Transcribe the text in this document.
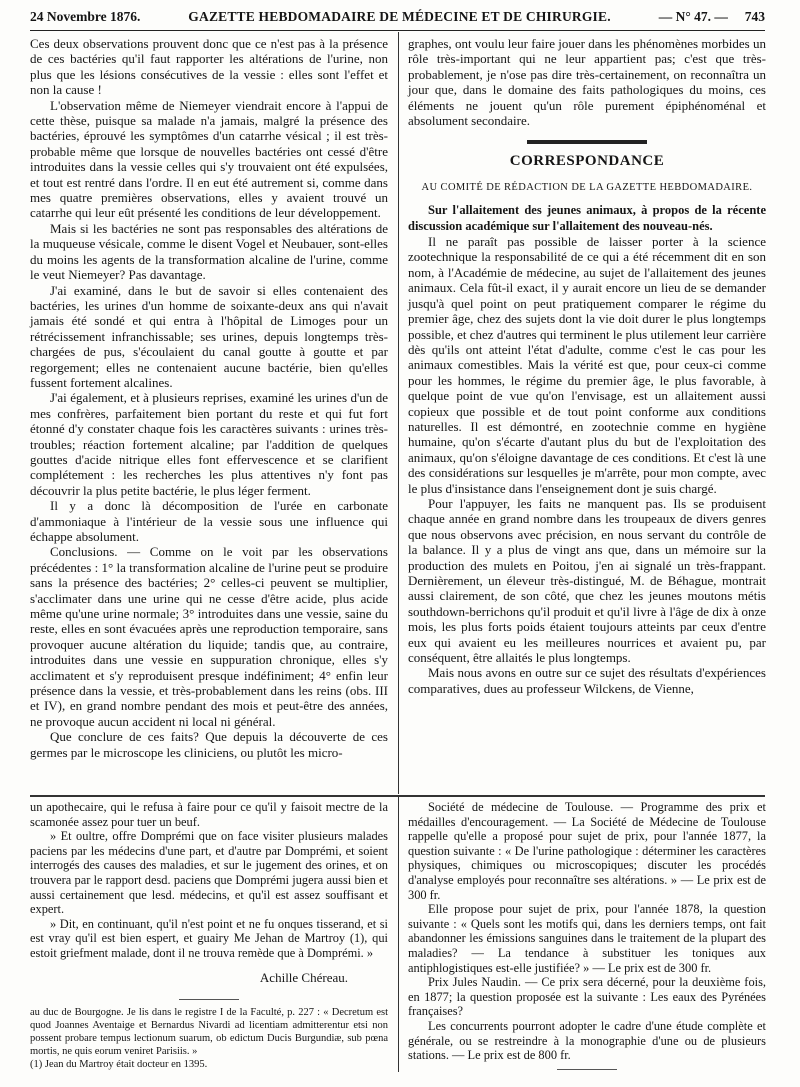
24 Novembre 1876.	GAZETTE HEBDOMADAIRE DE MÉDECINE ET DE CHIRURGIE.	— N° 47. — 743

Ces deux observations prouvent donc que ce n'est pas à la présence de ces bactéries qu'il faut rapporter les altérations de l'urine, non plus que les lésions consécutives de la vessie : elles sont l'effet et non la cause !

L'observation même de Niemeyer viendrait encore à l'appui de cette thèse, puisque sa malade n'a jamais, malgré la présence des bactéries, éprouvé les symptômes d'un catarrhe vésical ; il est très-probable même que lorsque de nouvelles bactéries ont cessé d'être introduites dans la vessie celles qui s'y trouvaient ont été expulsées, et tout est rentré dans l'ordre. Il en eut été autrement si, comme dans mes quatre premières observations, elles y avaient trouvé un catarrhe qui leur eût présenté les conditions de leur développement.

Mais si les bactéries ne sont pas responsables des altérations de la muqueuse vésicale, comme le disent Vogel et Neubauer, sont-elles du moins les agents de la transformation alcaline de l'urine, comme le veut Niemeyer? Pas davantage.

J'ai examiné, dans le but de savoir si elles contenaient des bactéries, les urines d'un homme de soixante-deux ans qui n'avait jamais été sondé et qui entra à l'hôpital de Limoges pour un rétrécissement infranchissable; ses urines, depuis longtemps très-chargées de pus, s'écoulaient du canal goutte à goutte et par regorgement; elles ne contenaient aucune bactérie, bien qu'elles fussent fortement alcalines.

J'ai également, et à plusieurs reprises, examiné les urines d'un de mes confrères, parfaitement bien portant du reste et qui fut fort étonné d'y constater chaque fois les caractères suivants : urines très-troubles; réaction fortement alcaline; par l'addition de quelques gouttes d'acide nitrique elles font effervescence et se clarifient complétement : les recherches les plus attentives n'y font pas découvrir la plus petite bactérie, le plus léger ferment.

Il y a donc là décomposition de l'urée en carbonate d'ammoniaque à l'intérieur de la vessie sous une influence qui échappe absolument.

Conclusions. — Comme on le voit par les observations précédentes : 1° la transformation alcaline de l'urine peut se produire sans la présence des bactéries; 2° celles-ci peuvent se multiplier, s'acclimater dans une urine qui ne cesse d'être acide, plus acide même qu'une urine normale; 3° introduites dans une vessie, saine du reste, elles en sont évacuées après une reproduction temporaire, sans provoquer aucune altération du liquide; tandis que, au contraire, introduites dans une vessie en suppuration chronique, elles s'y acclimatent et s'y reproduisent presque indéfiniment; 4° enfin leur présence dans la vessie, et très-probablement dans les reins (obs. III et IV), en grand nombre pendant des mois et peut-être des années, ne provoque aucun accident ni local ni général.

Que conclure de ces faits? Que depuis la découverte de ces germes par le microscope les cliniciens, ou plutôt les micro-

graphes, ont voulu leur faire jouer dans les phénomènes morbides un rôle très-important qui ne leur appartient pas; c'est que très-probablement, je n'ose pas dire très-certainement, on reconnaîtra un jour que, dans le domaine des faits pathologiques du moins, ces éléments ne jouent qu'un rôle purement épiphénoménal et absolument secondaire.

CORRESPONDANCE
AU COMITÉ DE RÉDACTION DE LA GAZETTE HEBDOMADAIRE.

Sur l'allaitement des jeunes animaux, à propos de la récente discussion académique sur l'allaitement des nouveau-nés.

Il ne paraît pas possible de laisser porter à la science zootechnique la responsabilité de ce qui a été récemment dit en son nom, à l'Académie de médecine, au sujet de l'allaitement des jeunes animaux. Cela fût-il exact, il y aurait encore un lieu de se demander jusqu'à quel point on peut pratiquement comparer le régime du premier âge, chez des sujets dont la vie doit durer le plus longtemps possible, et chez d'autres qui terminent le plus utilement leur carrière dès qu'ils ont atteint l'état d'adulte, comme c'est le cas pour les animaux comestibles. Mais la vérité est que, pour ceux-ci comme pour les hommes, le régime du premier âge, le plus favorable, à quelque point de vue qu'on l'envisage, est un allaitement aussi copieux que possible et de tout point conforme aux conditions naturelles. Il est démontré, en zootechnie comme en hygiène humaine, qu'on s'écarte d'autant plus du but de l'exploitation des animaux, qu'on s'éloigne davantage de ces conditions. Et c'est là une des considérations sur lesquelles je m'arrête, pour mon compte, avec le plus d'insistance dans l'enseignement dont je suis chargé.

Pour l'appuyer, les faits ne manquent pas. Ils se produisent chaque année en grand nombre dans les troupeaux de divers genres que nous observons avec précision, en nous servant du contrôle de la balance. Il y a plus de vingt ans que, dans un mémoire sur la production des mulets en Poitou, j'en ai signalé un très-frappant. Dernièrement, un éleveur très-distingué, M. de Béhague, montrait aussi clairement, de son côté, que chez les jeunes moutons métis southdown-berrichons qu'il produit et qu'il livre à l'âge de dix à onze mois, les plus forts poids étaient toujours atteints par ceux d'entre eux qui avaient eu les meilleures nourrices et avaient pu, par conséquent, être allaités le plus longtemps.

Mais nous avons en outre sur ce sujet des résultats d'expériences comparatives, dues au professeur Wilckens, de Vienne,

un apothecaire, qui le refusa à faire pour ce qu'il y faisoit mectre de la scamonée assez pour tuer un beuf.

» Et oultre, offre Domprémi que on face visiter plusieurs malades paciens par les médecins d'une part, et d'autre par Domprémi, et soient interrogés des causes des maladies, et sur le jugement des orines, et on trouvera par le rapport desd. paciens que Domprémi jugera aussi bien et aussi certainement que lesd. médecins, et qu'il est assez souffisant et expert.

» Dit, en continuant, qu'il n'est point et ne fu onques tisserand, et si est vray qu'il est bien espert, et guairy Me Jehan de Martroy (1), qui estoit griefment malade, dont il ne trouva remède que à Domprémi. »

Achille Chéreau.

au duc de Bourgogne. Je lis dans le registre I de la Faculté, p. 227 : « Decretum est quod Joannes Aventaige et Bernardus Nivardi ad licentiam admitterentur etsi non possent probare tempus lectionum suarum, ob edictum Ducis Burgundiæ, sub pœna mortis, ne quis eorum veniret Parisiis. »

(1) Jean du Martroy était docteur en 1395.

Société de médecine de Toulouse. — Programme des prix et médailles d'encouragement. — La Société de Médecine de Toulouse rappelle qu'elle a proposé pour sujet de prix, pour l'année 1877, la question suivante : « De l'urine pathologique : déterminer les caractères physiques, chimiques ou microscopiques; discuter les procédés d'analyse employés pour reconnaître ses altérations. » — Le prix est de 300 fr.

Elle propose pour sujet de prix, pour l'année 1878, la question suivante : « Quels sont les motifs qui, dans les derniers temps, ont fait abandonner les émissions sanguines dans le traitement de la plupart des maladies? — La tendance à substituer les toniques aux antiphlogistiques est-elle justifiée? » — Le prix est de 300 fr.

Prix Jules Naudin. — Ce prix sera décerné, pour la deuxième fois, en 1877; la question proposée est la suivante : Les eaux des Pyrénées françaises?

Les concurrents pourront adopter le cadre d'une étude complète et générale, ou se restreindre à la monographie d'une ou de plusieurs stations. — Le prix est de 800 fr.
